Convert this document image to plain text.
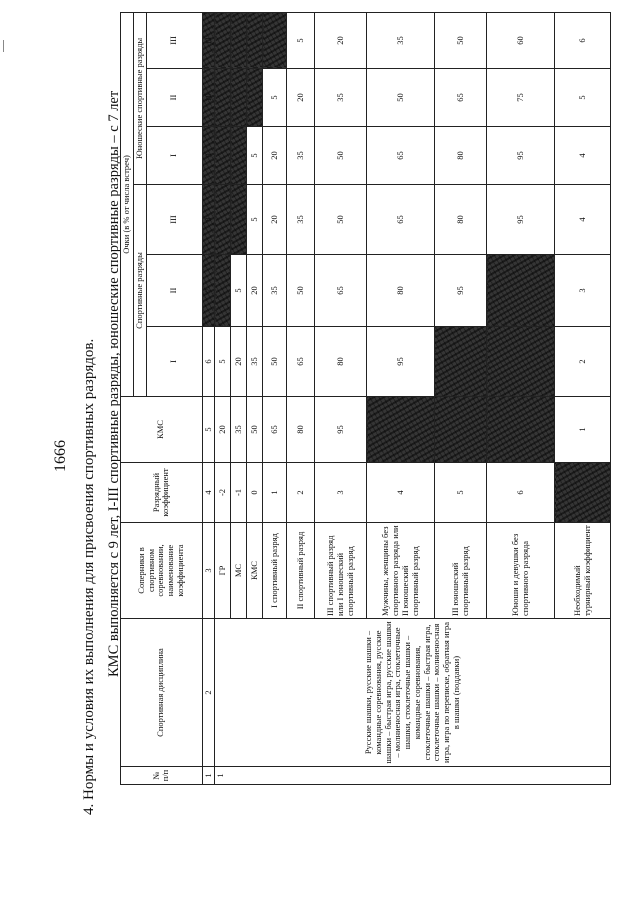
1666 4. Нормы и условия их выполнения для присвоения спортивных разрядов. КМС выполняется с 9 лет, I-III спортивные разряды, юношеские спортивные разряды – с 7 лет
№ п/п	Спортивная дисциплина	Соперники в спортивном соревновании, наименование коэффициента	Разрядный коэффициент	КМС	Очки (в % от числа встреч)					
					Спортивные разряды			Юношеские спортивные разряды		
					I	II	III	I	II	III
1	2	3	4	5	6	7	8	9	10	11
1	Русские шашки, русские шашки – командные соревнования, русские шашки – быстрая игра, русские шашки – молниеносная игра, стоклеточные шашки, стоклеточные шашки – командные соревнования, стоклеточные шашки – быстрая игра, стоклеточные шашки – молниеносная игра, игра по переписке, обратная игра в шашки (поддавки)	ГР	-2	20	5					
		МС	-1	35	20	5				
		КМС	0	50	35	20	5	5		
		I спортивный разряд	1	65	50	35	20	20	5	
		II спортивный разряд	2	80	65	50	35	35	20	5
		III спортивный разряд или I юношеский спортивный разряд	3	95	80	65	50	50	35	20
		Мужчины, женщины без спортивного разряда или II юношеский спортивный разряд	4		95	80	65	65	50	35
		III юношеский спортивный разряд	5			95	80	80	65	50
		Юноши и девушки без спортивного разряда	6				95	95	75	60
		Необходимый турнирный коэффициент		1	2	3	4	4	5	6
